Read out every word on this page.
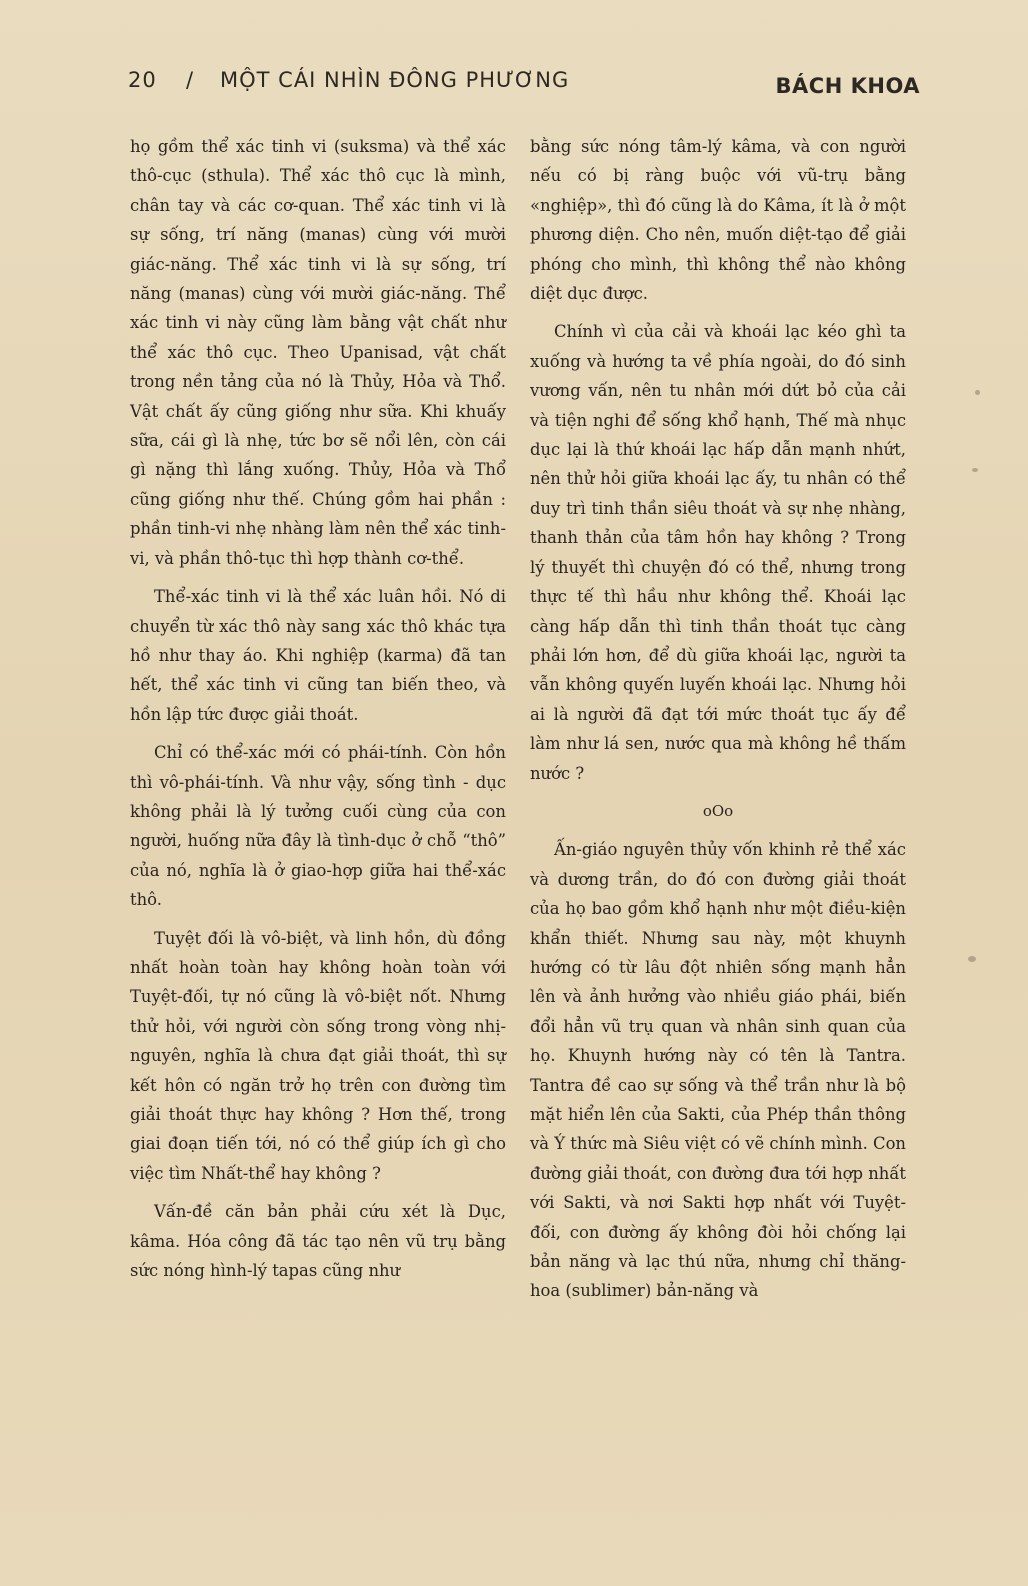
20 / MỘT CÁI NHÌN ĐÔNG PHƯƠNG	BÁCH KHOA

họ gồm thể xác tinh vi (suksma) và thể xác thô-cục (sthula). Thể xác thô cục là mình, chân tay và các cơ-quan. Thể xác tinh vi là sự sống, trí năng (manas) cùng với mười giác-năng. Thể xác tinh vi là sự sống, trí năng (manas) cùng với mười giác-năng. Thể xác tinh vi này cũng làm bằng vật chất như thể xác thô cục. Theo Upanisad, vật chất trong nền tảng của nó là Thủy, Hỏa và Thổ. Vật chất ấy cũng giống như sữa. Khi khuấy sữa, cái gì là nhẹ, tức bơ sẽ nổi lên, còn cái gì nặng thì lắng xuống. Thủy, Hỏa và Thổ cũng giống như thế. Chúng gồm hai phần : phần tinh-vi nhẹ nhàng làm nên thể xác tinh-vi, và phần thô-tục thì hợp thành cơ-thể.

Thể-xác tinh vi là thể xác luân hồi. Nó di chuyển từ xác thô này sang xác thô khác tựa hồ như thay áo. Khi nghiệp (karma) đã tan hết, thể xác tinh vi cũng tan biến theo, và hồn lập tức được giải thoát.

Chỉ có thể-xác mới có phái-tính. Còn hồn thì vô-phái-tính. Và như vậy, sống tình - dục không phải là lý tưởng cuối cùng của con người, huống nữa đây là tình-dục ở chỗ “thô” của nó, nghĩa là ở giao-hợp giữa hai thể-xác thô.

Tuyệt đối là vô-biệt, và linh hồn, dù đồng nhất hoàn toàn hay không hoàn toàn với Tuyệt-đối, tự nó cũng là vô-biệt nốt. Nhưng thử hỏi, với người còn sống trong vòng nhị-nguyên, nghĩa là chưa đạt giải thoát, thì sự kết hôn có ngăn trở họ trên con đường tìm giải thoát thực hay không ? Hơn thế, trong giai đoạn tiến tới, nó có thể giúp ích gì cho việc tìm Nhất-thể hay không ?

Vấn-đề căn bản phải cứu xét là Dục, kâma. Hóa công đã tác tạo nên vũ trụ bằng sức nóng hình-lý tapas cũng như

bằng sức nóng tâm-lý kâma, và con người nếu có bị ràng buộc với vũ-trụ bằng «nghiệp», thì đó cũng là do Kâma, ít là ở một phương diện. Cho nên, muốn diệt-tạo để giải phóng cho mình, thì không thể nào không diệt dục được.

Chính vì của cải và khoái lạc kéo ghì ta xuống và hướng ta về phía ngoài, do đó sinh vương vấn, nên tu nhân mới dứt bỏ của cải và tiện nghi để sống khổ hạnh, Thế mà nhục dục lại là thứ khoái lạc hấp dẫn mạnh nhứt, nên thử hỏi giữa khoái lạc ấy, tu nhân có thể duy trì tinh thần siêu thoát và sự nhẹ nhàng, thanh thản của tâm hồn hay không ? Trong lý thuyết thì chuyện đó có thể, nhưng trong thực tế thì hầu như không thể. Khoái lạc càng hấp dẫn thì tinh thần thoát tục càng phải lớn hơn, để dù giữa khoái lạc, người ta vẫn không quyến luyến khoái lạc. Nhưng hỏi ai là người đã đạt tới mức thoát tục ấy để làm như lá sen, nước qua mà không hề thấm nước ?

oOo

Ấn-giáo nguyên thủy vốn khinh rẻ thể xác và dương trần, do đó con đường giải thoát của họ bao gồm khổ hạnh như một điều-kiện khẩn thiết. Nhưng sau này, một khuynh hướng có từ lâu đột nhiên sống mạnh hẳn lên và ảnh hưởng vào nhiều giáo phái, biến đổi hẳn vũ trụ quan và nhân sinh quan của họ. Khuynh hướng này có tên là Tantra. Tantra đề cao sự sống và thể trần như là bộ mặt hiển lên của Sakti, của Phép thần thông và Ý thức mà Siêu việt có vẽ chính mình. Con đường giải thoát, con đường đưa tới hợp nhất với Sakti, và nơi Sakti hợp nhất với Tuyệt-đối, con đường ấy không đòi hỏi chống lại bản năng và lạc thú nữa, nhưng chỉ thăng-hoa (sublimer) bản-năng và
